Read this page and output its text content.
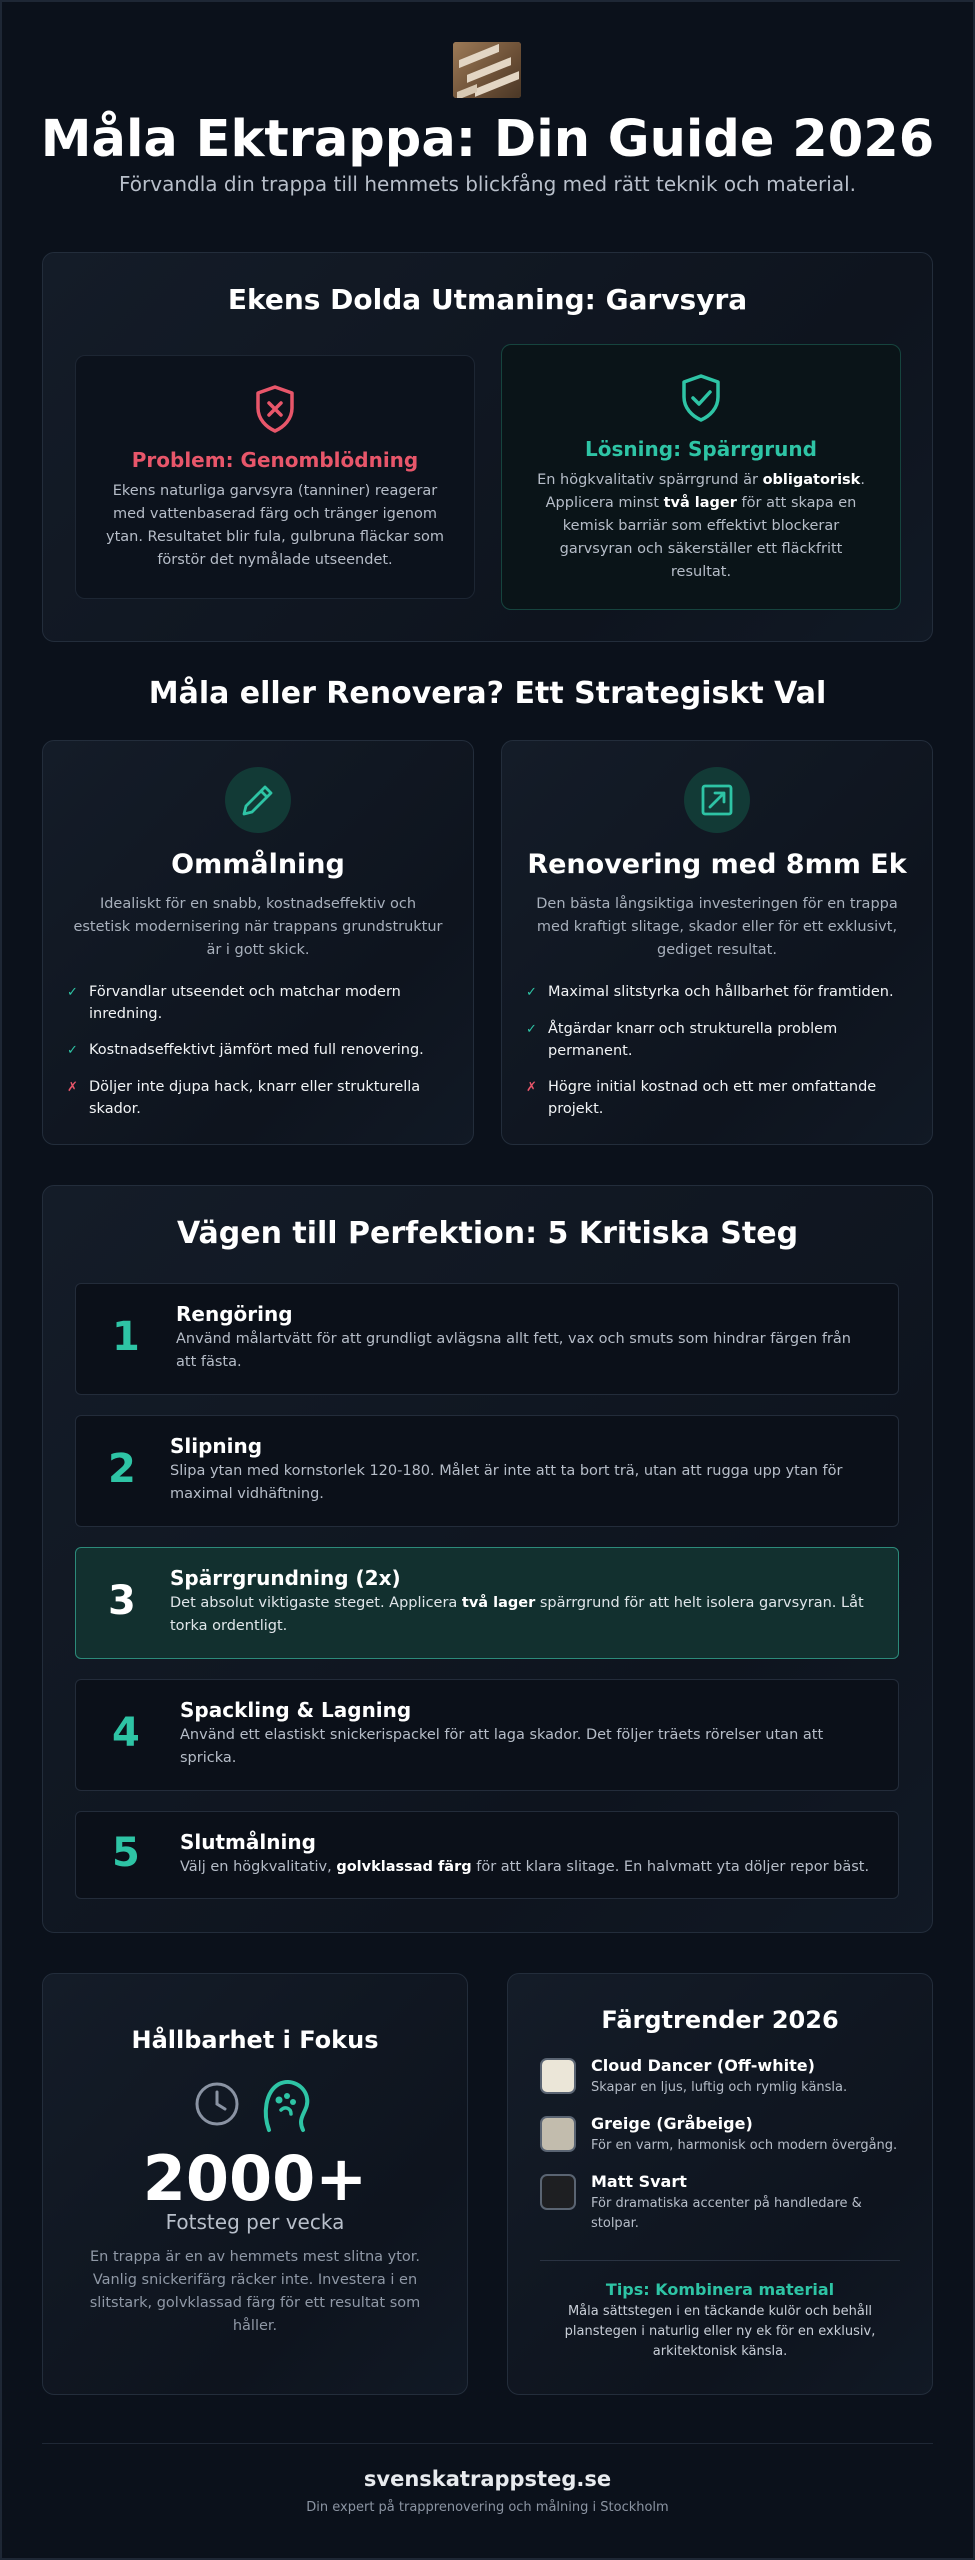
Måla Ektrappa: Din Guide 2026
Förvandla din trappa till hemmets blickfång med rätt teknik och material.
Ekens Dolda Utmaning: Garvsyra
Problem: Genomblödning
Ekens naturliga garvsyra (tanniner) reagerar med vattenbaserad färg och tränger igenom ytan. Resultatet blir fula, gulbruna fläckar som förstör det nymålade utseendet.
Lösning: Spärrgrund
En högkvalitativ spärrgrund är obligatorisk. Applicera minst två lager för att skapa en kemisk barriär som effektivt blockerar garvsyran och säkerställer ett fläckfritt resultat.
Måla eller Renovera? Ett Strategiskt Val
Ommålning
Idealiskt för en snabb, kostnadseffektiv och estetisk modernisering när trappans grundstruktur är i gott skick.
✓ Förvandlar utseendet och matchar modern inredning.
✓ Kostnadseffektivt jämfört med full renovering.
✗ Döljer inte djupa hack, knarr eller strukturella skador.
Renovering med 8mm Ek
Den bästa långsiktiga investeringen för en trappa med kraftigt slitage, skador eller för ett exklusivt, gediget resultat.
✓ Maximal slitstyrka och hållbarhet för framtiden.
✓ Åtgärdar knarr och strukturella problem permanent.
✗ Högre initial kostnad och ett mer omfattande projekt.
Vägen till Perfektion: 5 Kritiska Steg
1 Rengöring
Använd målartvätt för att grundligt avlägsna allt fett, vax och smuts som hindrar färgen från att fästa.
2 Slipning
Slipa ytan med kornstorlek 120-180. Målet är inte att ta bort trä, utan att rugga upp ytan för maximal vidhäftning.
3 Spärrgrundning (2x)
Det absolut viktigaste steget. Applicera två lager spärrgrund för att helt isolera garvsyran. Låt torka ordentligt.
4 Spackling & Lagning
Använd ett elastiskt snickerispackel för att laga skador. Det följer träets rörelser utan att spricka.
5 Slutmålning
Välj en högkvalitativ, golvklassad färg för att klara slitage. En halvmatt yta döljer repor bäst.
Hållbarhet i Fokus
2000+
Fotsteg per vecka
En trappa är en av hemmets mest slitna ytor. Vanlig snickerifärg räcker inte. Investera i en slitstark, golvklassad färg för ett resultat som håller.
Färgtrender 2026
Cloud Dancer (Off-white)
Skapar en ljus, luftig och rymlig känsla.
Greige (Gråbeige)
För en varm, harmonisk och modern övergång.
Matt Svart
För dramatiska accenter på handledare & stolpar.
Tips: Kombinera material
Måla sättstegen i en täckande kulör och behåll planstegen i naturlig eller ny ek för en exklusiv, arkitektonisk känsla.
svenskatrappsteg.se
Din expert på trapprenovering och målning i Stockholm
